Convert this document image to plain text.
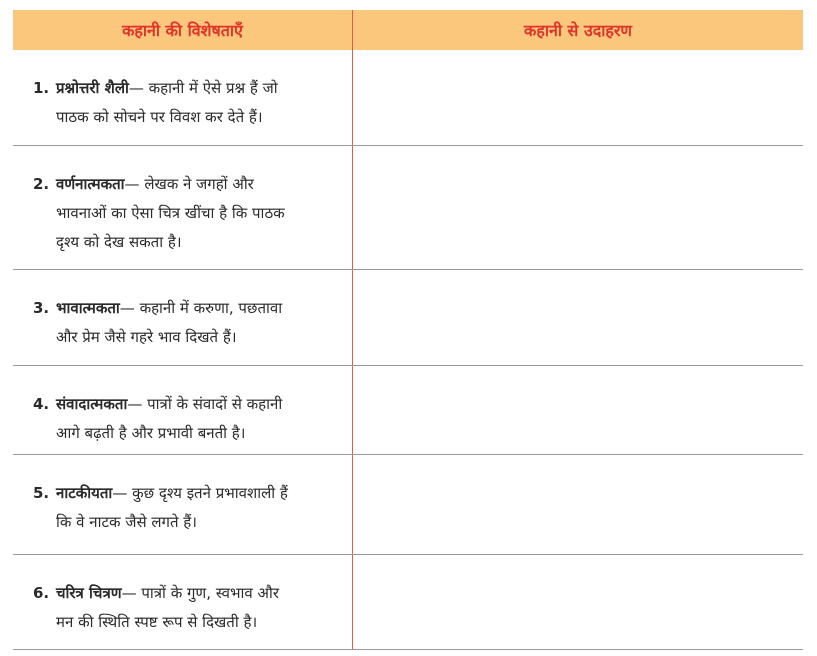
कहानी की विशेषताएँ	कहानी से उदाहरण
1. प्रश्नोत्तरी शैली— कहानी में ऐसे प्रश्न हैं जो
पाठक को सोचने पर विवश कर देते हैं।
2. वर्णनात्मकता— लेखक ने जगहों और
भावनाओं का ऐसा चित्र खींचा है कि पाठक
दृश्य को देख सकता है।
3. भावात्मकता— कहानी में करुणा, पछतावा
और प्रेम जैसे गहरे भाव दिखते हैं।
4. संवादात्मकता— पात्रों के संवादों से कहानी
आगे बढ़ती है और प्रभावी बनती है।
5. नाटकीयता— कुछ दृश्य इतने प्रभावशाली हैं
कि वे नाटक जैसे लगते हैं।
6. चरित्र चित्रण— पात्रों के गुण, स्वभाव और
मन की स्थिति स्पष्ट रूप से दिखती है।
